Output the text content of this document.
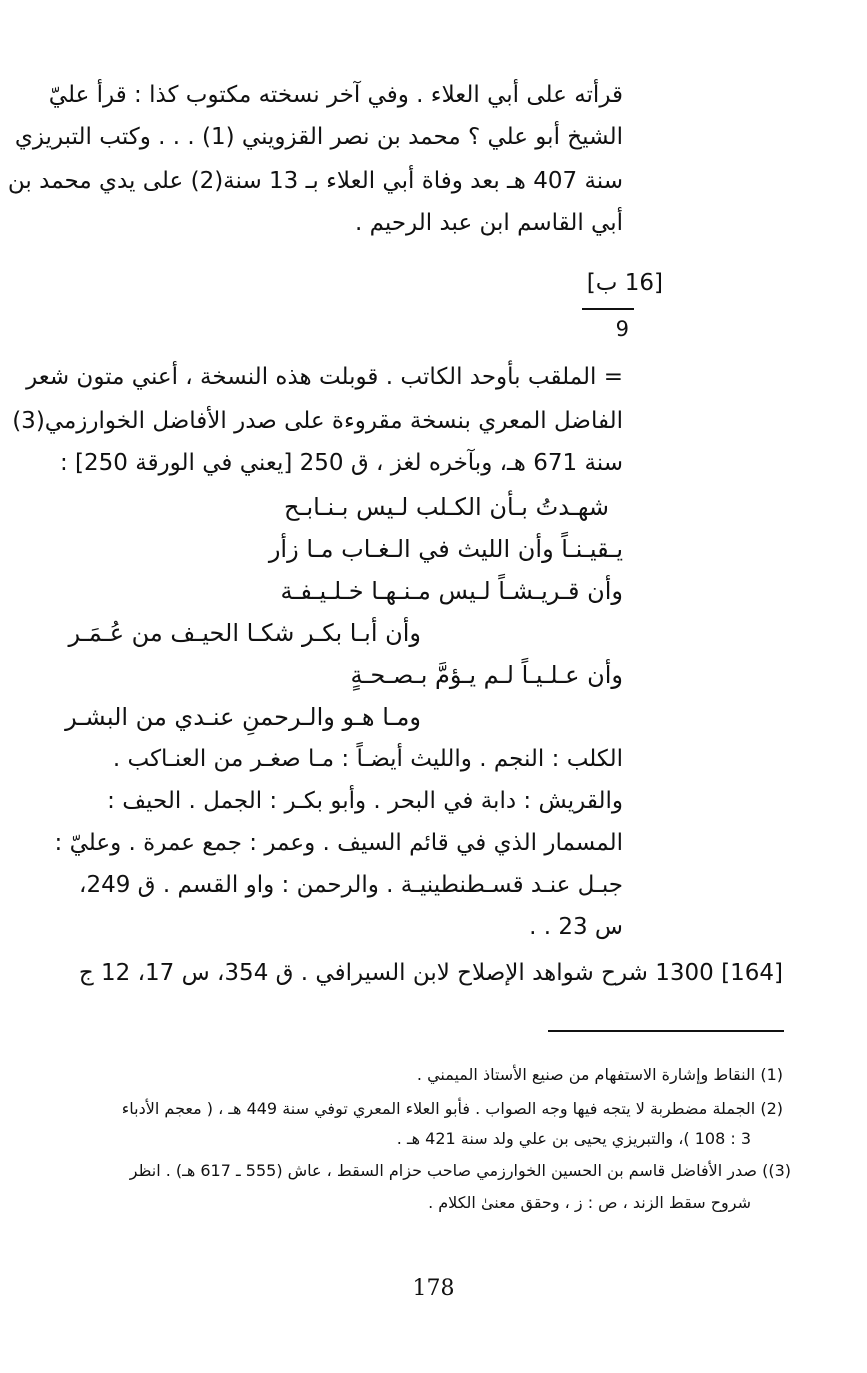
قرأته على أبي العلاء . وفي آخر نسخته مكتوب كذا : قرأ عليّ
الشيخ أبو علي ؟ محمد بن نصر القزويني (1) . . . وكتب التبريزي
سنة 407 هـ بعد وفاة أبي العلاء بـ 13 سنة(2) على يدي محمد بن
أبي القاسم ابن عبد الرحيم .
[16 ب]
9
= الملقب بأوحد الكاتب . قوبلت هذه النسخة ، أعني متون شعر
الفاضل المعري بنسخة مقروءة على صدر الأفاضل الخوارزمي(3)
سنة 671 هـ، وبآخره لغز ، ق 250 [يعني في الورقة 250] :
شهـدتُ بـأن الكـلب لـيس بـنـابـح
يـقيـنـاً وأن الليث في الـغـاب مـا زأر
وأن قـريـشـاً لـيس مـنـهـا خـلـيـفـة
وأن أبـا بكـر شكـا الحيـف من عُـمَـر
وأن عـلـيـاً لـم يـؤمَّ بـصـحـةٍ
ومـا هـو والـرحمنِ عنـدي من البشـر
الكلب : النجم . والليث أيضـاً : مـا صغـر من العنـاكب .
والقريش : دابة في البحر . وأبو بكـر : الجمل . الحيف :
المسمار الذي في قائم السيف . وعمر : جمع عمرة . وعليّ :
جبـل عنـد قسـطنطينيـة . والرحمن : واو القسم . ق 249،
س 23 . .
[164] 1300 شرح شواهد الإصلاح لابن السيرافي . ق 354، س 17، 12 ج
(1) النقاط وإشارة الاستفهام من صنيع الأستاذ الميمني .
(2) الجملة مضطربة لا يتجه فيها وجه الصواب . فأبو العلاء المعري توفي سنة 449 هـ ، ( معجم الأدباء
3 : 108 )، والتبريزي يحيى بن علي ولد سنة 421 هـ .
(3)) صدر الأفاضل قاسم بن الحسين الخوارزمي صاحب حزام السقط ، عاش (555 ـ 617 هـ) . انظر
شروح سقط الزند ، ص : ز ، وحقق معنىٰ الكلام .
178
